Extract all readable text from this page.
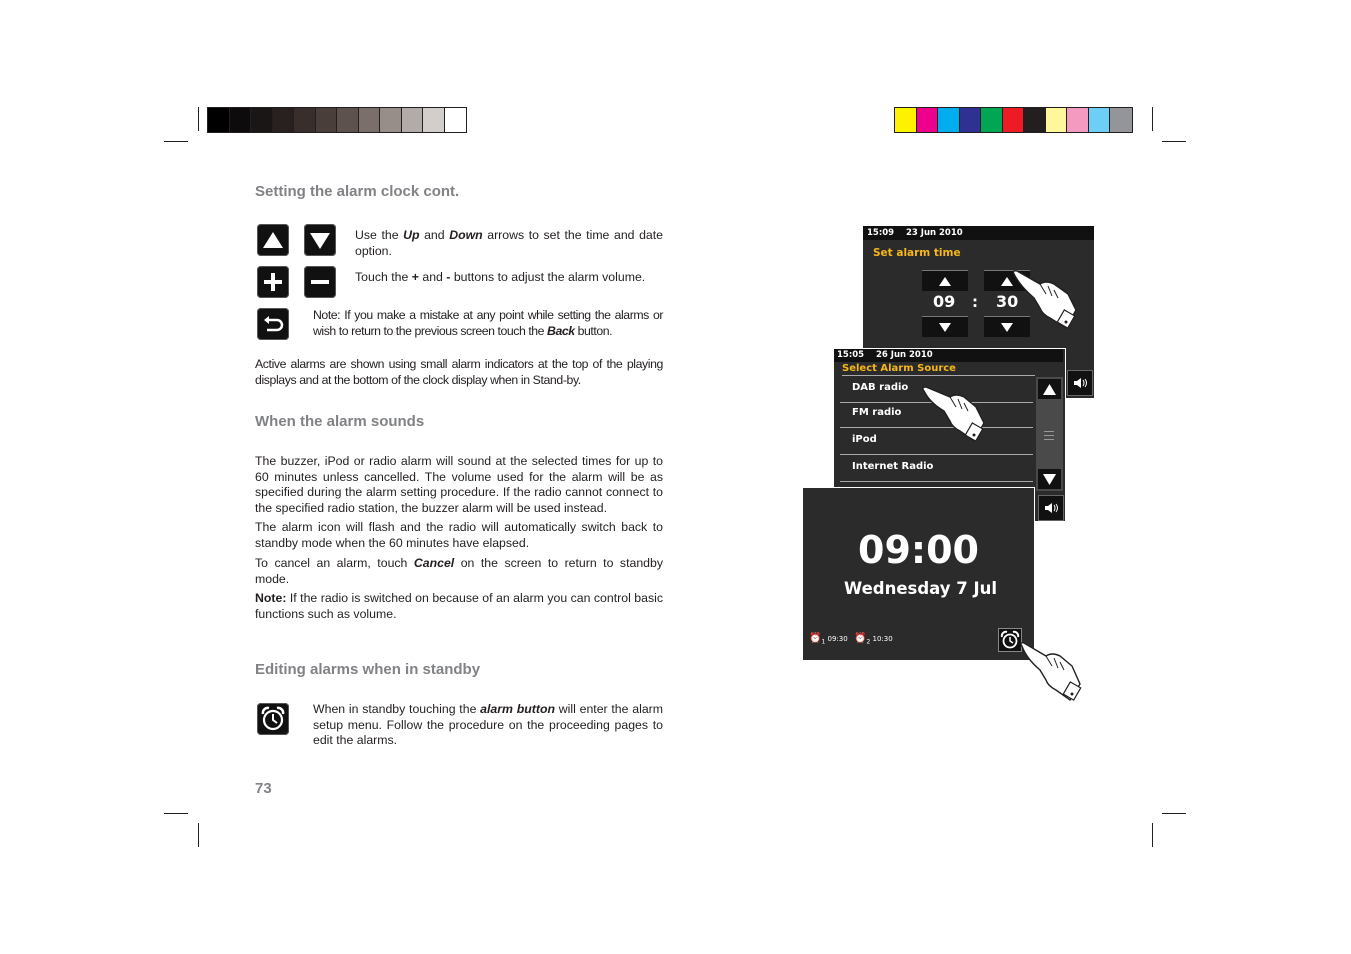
Setting the alarm clock cont.

Use the Up and Down arrows to set the time and date option.

Touch the + and - buttons to adjust the alarm volume.

Note: If you make a mistake at any point while setting the alarms or wish to return to the previous screen touch the Back button.

Active alarms are shown using small alarm indicators at the top of the playing displays and at the bottom of the clock display when in Stand-by.

When the alarm sounds

The buzzer, iPod or radio alarm will sound at the selected times for up to 60 minutes unless cancelled. The volume used for the alarm will be as specified during the alarm setting procedure. If the radio cannot connect to the specified radio station, the buzzer alarm will be used instead.

The alarm icon will flash and the radio will automatically switch back to standby mode when the 60 minutes have elapsed.

To cancel an alarm, touch Cancel on the screen to return to standby mode.

Note: If the radio is switched on because of an alarm you can control basic functions such as volume.

Editing alarms when in standby

When in standby touching the alarm button will enter the alarm setup menu. Follow the procedure on the proceeding pages to edit the alarms.

73
15:09 23 Jun 2010
Set alarm time
09 : 30
15:05 26 Jun 2010
Select Alarm Source
DAB radio
FM radio
iPod
Internet Radio
09:00
Wednesday 7 Jul
$⏰_1$ 09:30 $⏰_2$ 10:30
